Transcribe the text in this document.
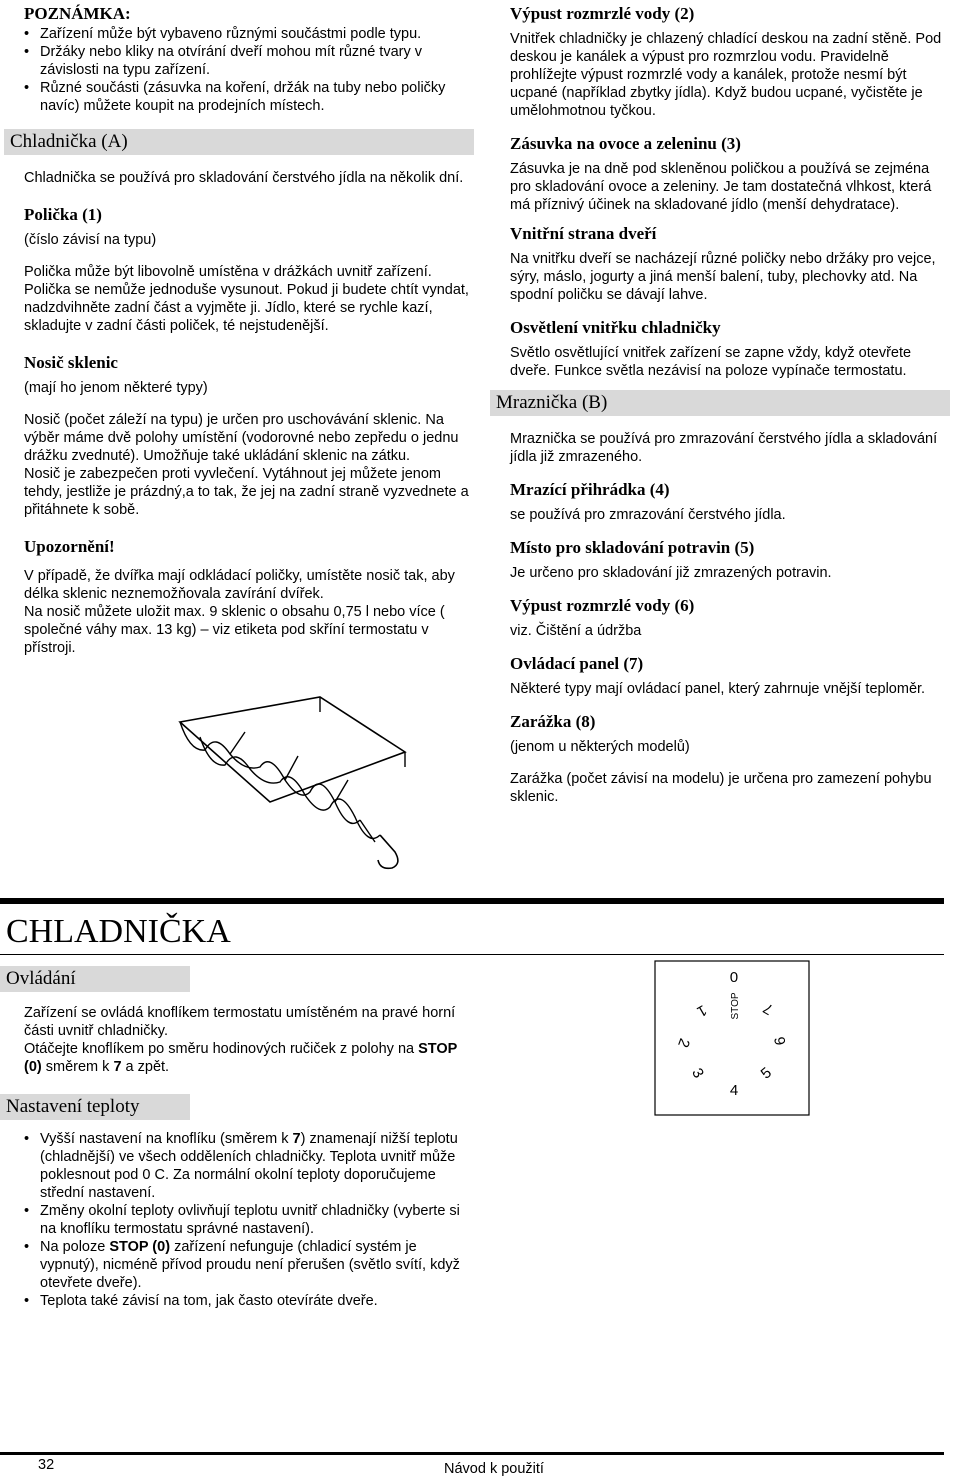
POZNÁMKA:

• Zařízení může být vybaveno různými součástmi podle typu.
• Držáky nebo kliky na otvírání dveří mohou mít různé tvary v závislosti na typu zařízení.
• Různé součásti (zásuvka na koření, držák na tuby nebo poličky navíc) můžete koupit na prodejních místech.

Chladnička (A)

Chladnička se používá pro skladování čerstvého jídla na několik dní.

Polička (1)

(číslo závisí na typu)

Polička může být libovolně umístěna v drážkách uvnitř zařízení. Polička se nemůže jednoduše vysunout. Pokud ji budete chtít vyndat, nadzdvihněte zadní část a vyjměte ji. Jídlo, které se rychle kazí, skladujte v zadní části poliček, té nejstudenější.

Nosič sklenic

(mají ho jenom některé typy)

Nosič (počet záleží na typu) je určen pro uschovávání sklenic. Na výběr máme dvě polohy umístění (vodorovné nebo zepředu o jednu drážku zvednuté). Umožňuje také ukládání sklenic na zátku.

Nosič je zabezpečen proti vyvlečení. Vytáhnout jej můžete jenom tehdy, jestliže je prázdný,a to tak, že jej na zadní straně vyzvednete a přitáhnete k sobě.

Upozornění!

V případě, že dvířka mají odkládací poličky, umístěte nosič tak, aby délka sklenic neznemožňovala zavírání dvířek.

Na nosič můžete uložit max. 9 sklenic o obsahu 0,75 l nebo více ( společné váhy max. 13 kg) – viz etiketa pod skříní termostatu v přístroji.

Výpust rozmrzlé vody (2)

Vnitřek chladničky je chlazený chladící deskou na zadní stěně. Pod deskou je kanálek a výpust pro rozmrzlou vodu. Pravidelně prohlížejte výpust rozmrzlé vody a kanálek, protože nesmí být ucpané (například zbytky jídla). Když budou ucpané, vyčistěte je umělohmotnou tyčkou.

Zásuvka na ovoce a zeleninu (3)

Zásuvka je na dně pod skleněnou poličkou a používá se zejména pro skladování ovoce a zeleniny. Je tam dostatečná vlhkost, která má příznivý účinek na skladované jídlo (menší dehydratace).

Vnitřní strana dveří

Na vnitřku dveří se nacházejí různé poličky nebo držáky pro vejce, sýry, máslo, jogurty a jiná menší balení, tuby, plechovky atd. Na spodní poličku se dávají lahve.

Osvětlení vnitřku chladničky

Světlo osvětlující vnitřek zařízení se zapne vždy, když otevřete dveře. Funkce světla nezávisí na poloze vypínače termostatu.

Mraznička (B)

Mraznička se používá pro zmrazování čerstvého jídla a skladování jídla již zmrazeného.

Mrazící přihrádka (4)

se používá pro zmrazování čerstvého jídla.

Místo pro skladování potravin (5)

Je určeno pro skladování již zmrazených potravin.

Výpust rozmrzlé vody (6)

viz. Čištění a údržba

Ovládací panel (7)

Některé typy mají ovládací panel, který zahrnuje vnější teploměr.

Zarážka (8)

(jenom u některých modelů)

Zarážka (počet závisí na modelu) je určena pro zamezení pohybu sklenic.

CHLADNIČKA

Ovládání

Zařízení se ovládá knoflíkem termostatu umístěném na pravé horní části uvnitř chladničky.

Otáčejte knoflíkem po směru hodinových ručiček z polohy na STOP (0) směrem k 7 a zpět.

Nastavení teploty

• Vyšší nastavení na knoflíku (směrem k 7) znamenají nižší teplotu (chladnější) ve všech odděleních chladničky. Teplota uvnitř může poklesnout pod 0 C. Za normální okolní teploty doporučujeme střední nastavení.
• Změny okolní teploty ovlivňují teplotu uvnitř chladničky (vyberte si na knoflíku termostatu správné nastavení).
• Na poloze STOP (0) zařízení nefunguje (chladicí systém je vypnutý), nicméně přívod proudu není přerušen (světlo svítí, když otevřete dveře).
• Teplota také závisí na tom, jak často otevíráte dveře.
0
STOP
1
2
3
4
5
6
7
32	Návod k použití
